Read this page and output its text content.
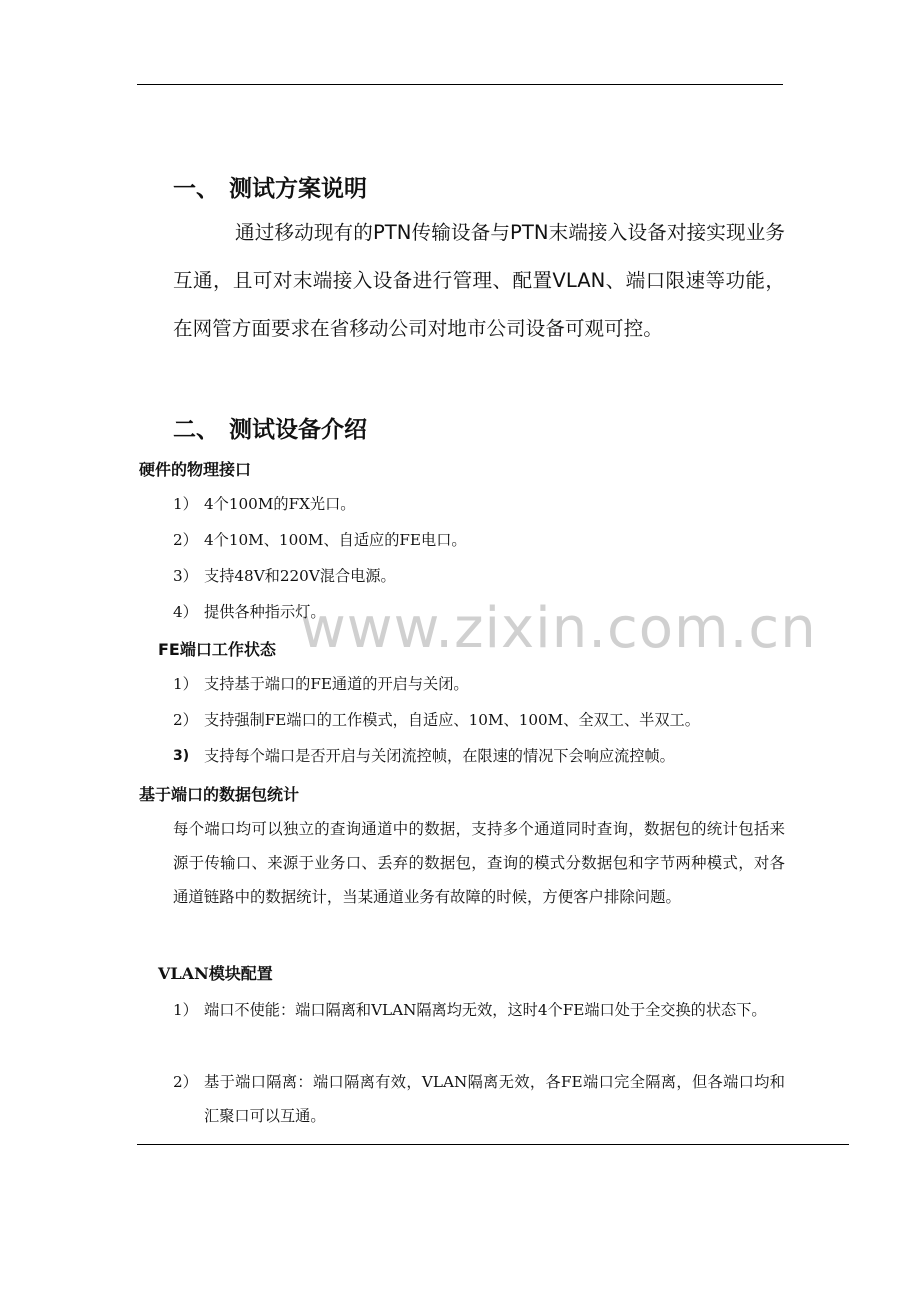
www.zixin.com.cn
一、 测试方案说明
通过移动现有的PTN传输设备与PTN末端接入设备对接实现业务互通，且可对末端接入设备进行管理、配置VLAN、端口限速等功能，在网管方面要求在省移动公司对地市公司设备可观可控。
二、 测试设备介绍
硬件的物理接口
1） 4个100M的FX光口。
2） 4个10M、100M、自适应的FE电口。
3） 支持48V和220V混合电源。
4） 提供各种指示灯。
FE端口工作状态
1） 支持基于端口的FE通道的开启与关闭。
2） 支持强制FE端口的工作模式，自适应、10M、100M、全双工、半双工。
3) 支持每个端口是否开启与关闭流控帧，在限速的情况下会响应流控帧。
基于端口的数据包统计
每个端口均可以独立的查询通道中的数据，支持多个通道同时查询，数据包的统计包括来源于传输口、来源于业务口、丢弃的数据包，查询的模式分数据包和字节两种模式，对各通道链路中的数据统计，当某通道业务有故障的时候，方便客户排除问题。
VLAN模块配置
1） 端口不使能：端口隔离和VLAN隔离均无效，这时4个FE端口处于全交换的状态下。
2） 基于端口隔离：端口隔离有效，VLAN隔离无效，各FE端口完全隔离，但各端口均和汇聚口可以互通。
